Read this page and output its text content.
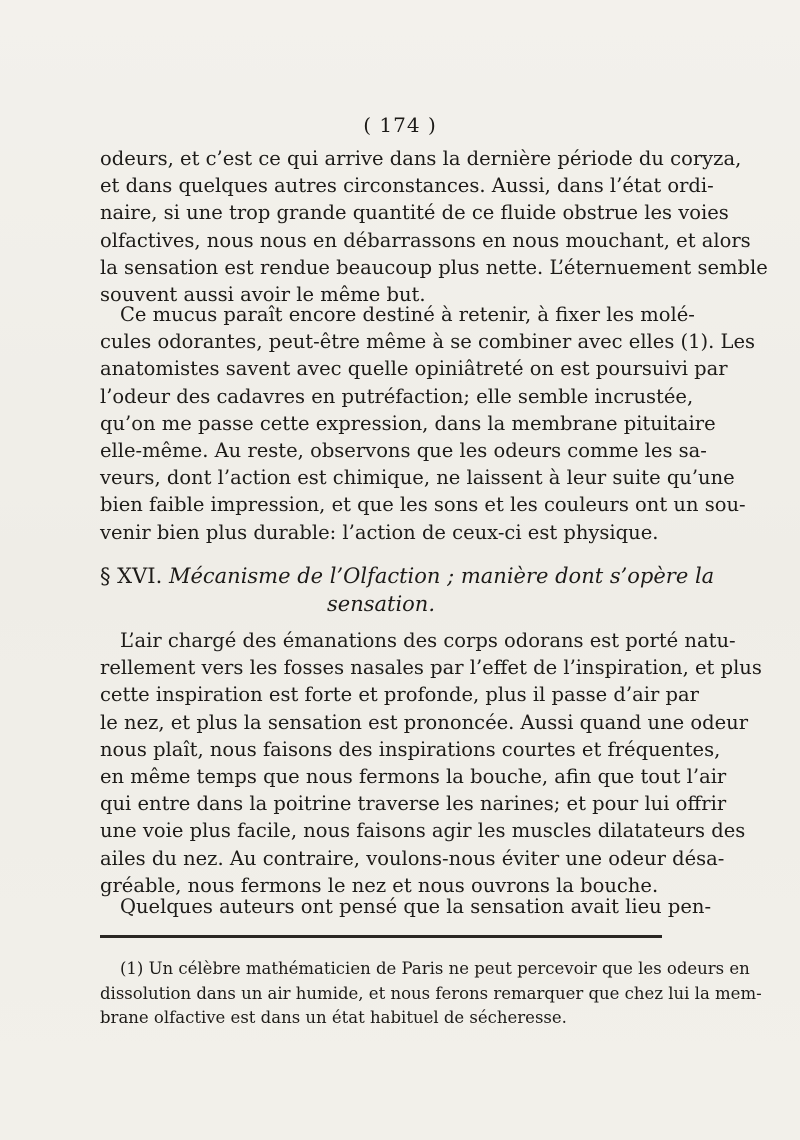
( 174 )
odeurs, et c’est ce qui arrive dans la dernière période du coryza,
et dans quelques autres circonstances. Aussi, dans l’état ordi-
naire, si une trop grande quantité de ce fluide obstrue les voies
olfactives, nous nous en débarrassons en nous mouchant, et alors
la sensation est rendue beaucoup plus nette. L’éternuement semble
souvent aussi avoir le même but.
Ce mucus paraît encore destiné à retenir, à fixer les molé-
cules odorantes, peut-être même à se combiner avec elles (1). Les
anatomistes savent avec quelle opiniâtreté on est poursuivi par
l’odeur des cadavres en putréfaction; elle semble incrustée,
qu’on me passe cette expression, dans la membrane pituitaire
elle-même. Au reste, observons que les odeurs comme les sa-
veurs, dont l’action est chimique, ne laissent à leur suite qu’une
bien faible impression, et que les sons et les couleurs ont un sou-
venir bien plus durable: l’action de ceux-ci est physique.
§ XVI. Mécanisme de l’Olfaction ; manière dont s’opère la
sensation.
L’air chargé des émanations des corps odorans est porté natu-
rellement vers les fosses nasales par l’effet de l’inspiration, et plus
cette inspiration est forte et profonde, plus il passe d’air par
le nez, et plus la sensation est prononcée. Aussi quand une odeur
nous plaît, nous faisons des inspirations courtes et fréquentes,
en même temps que nous fermons la bouche, afin que tout l’air
qui entre dans la poitrine traverse les narines; et pour lui offrir
une voie plus facile, nous faisons agir les muscles dilatateurs des
ailes du nez. Au contraire, voulons-nous éviter une odeur désa-
gréable, nous fermons le nez et nous ouvrons la bouche.
Quelques auteurs ont pensé que la sensation avait lieu pen-
(1) Un célèbre mathématicien de Paris ne peut percevoir que les odeurs en
dissolution dans un air humide, et nous ferons remarquer que chez lui la mem-
brane olfactive est dans un état habituel de sécheresse.
